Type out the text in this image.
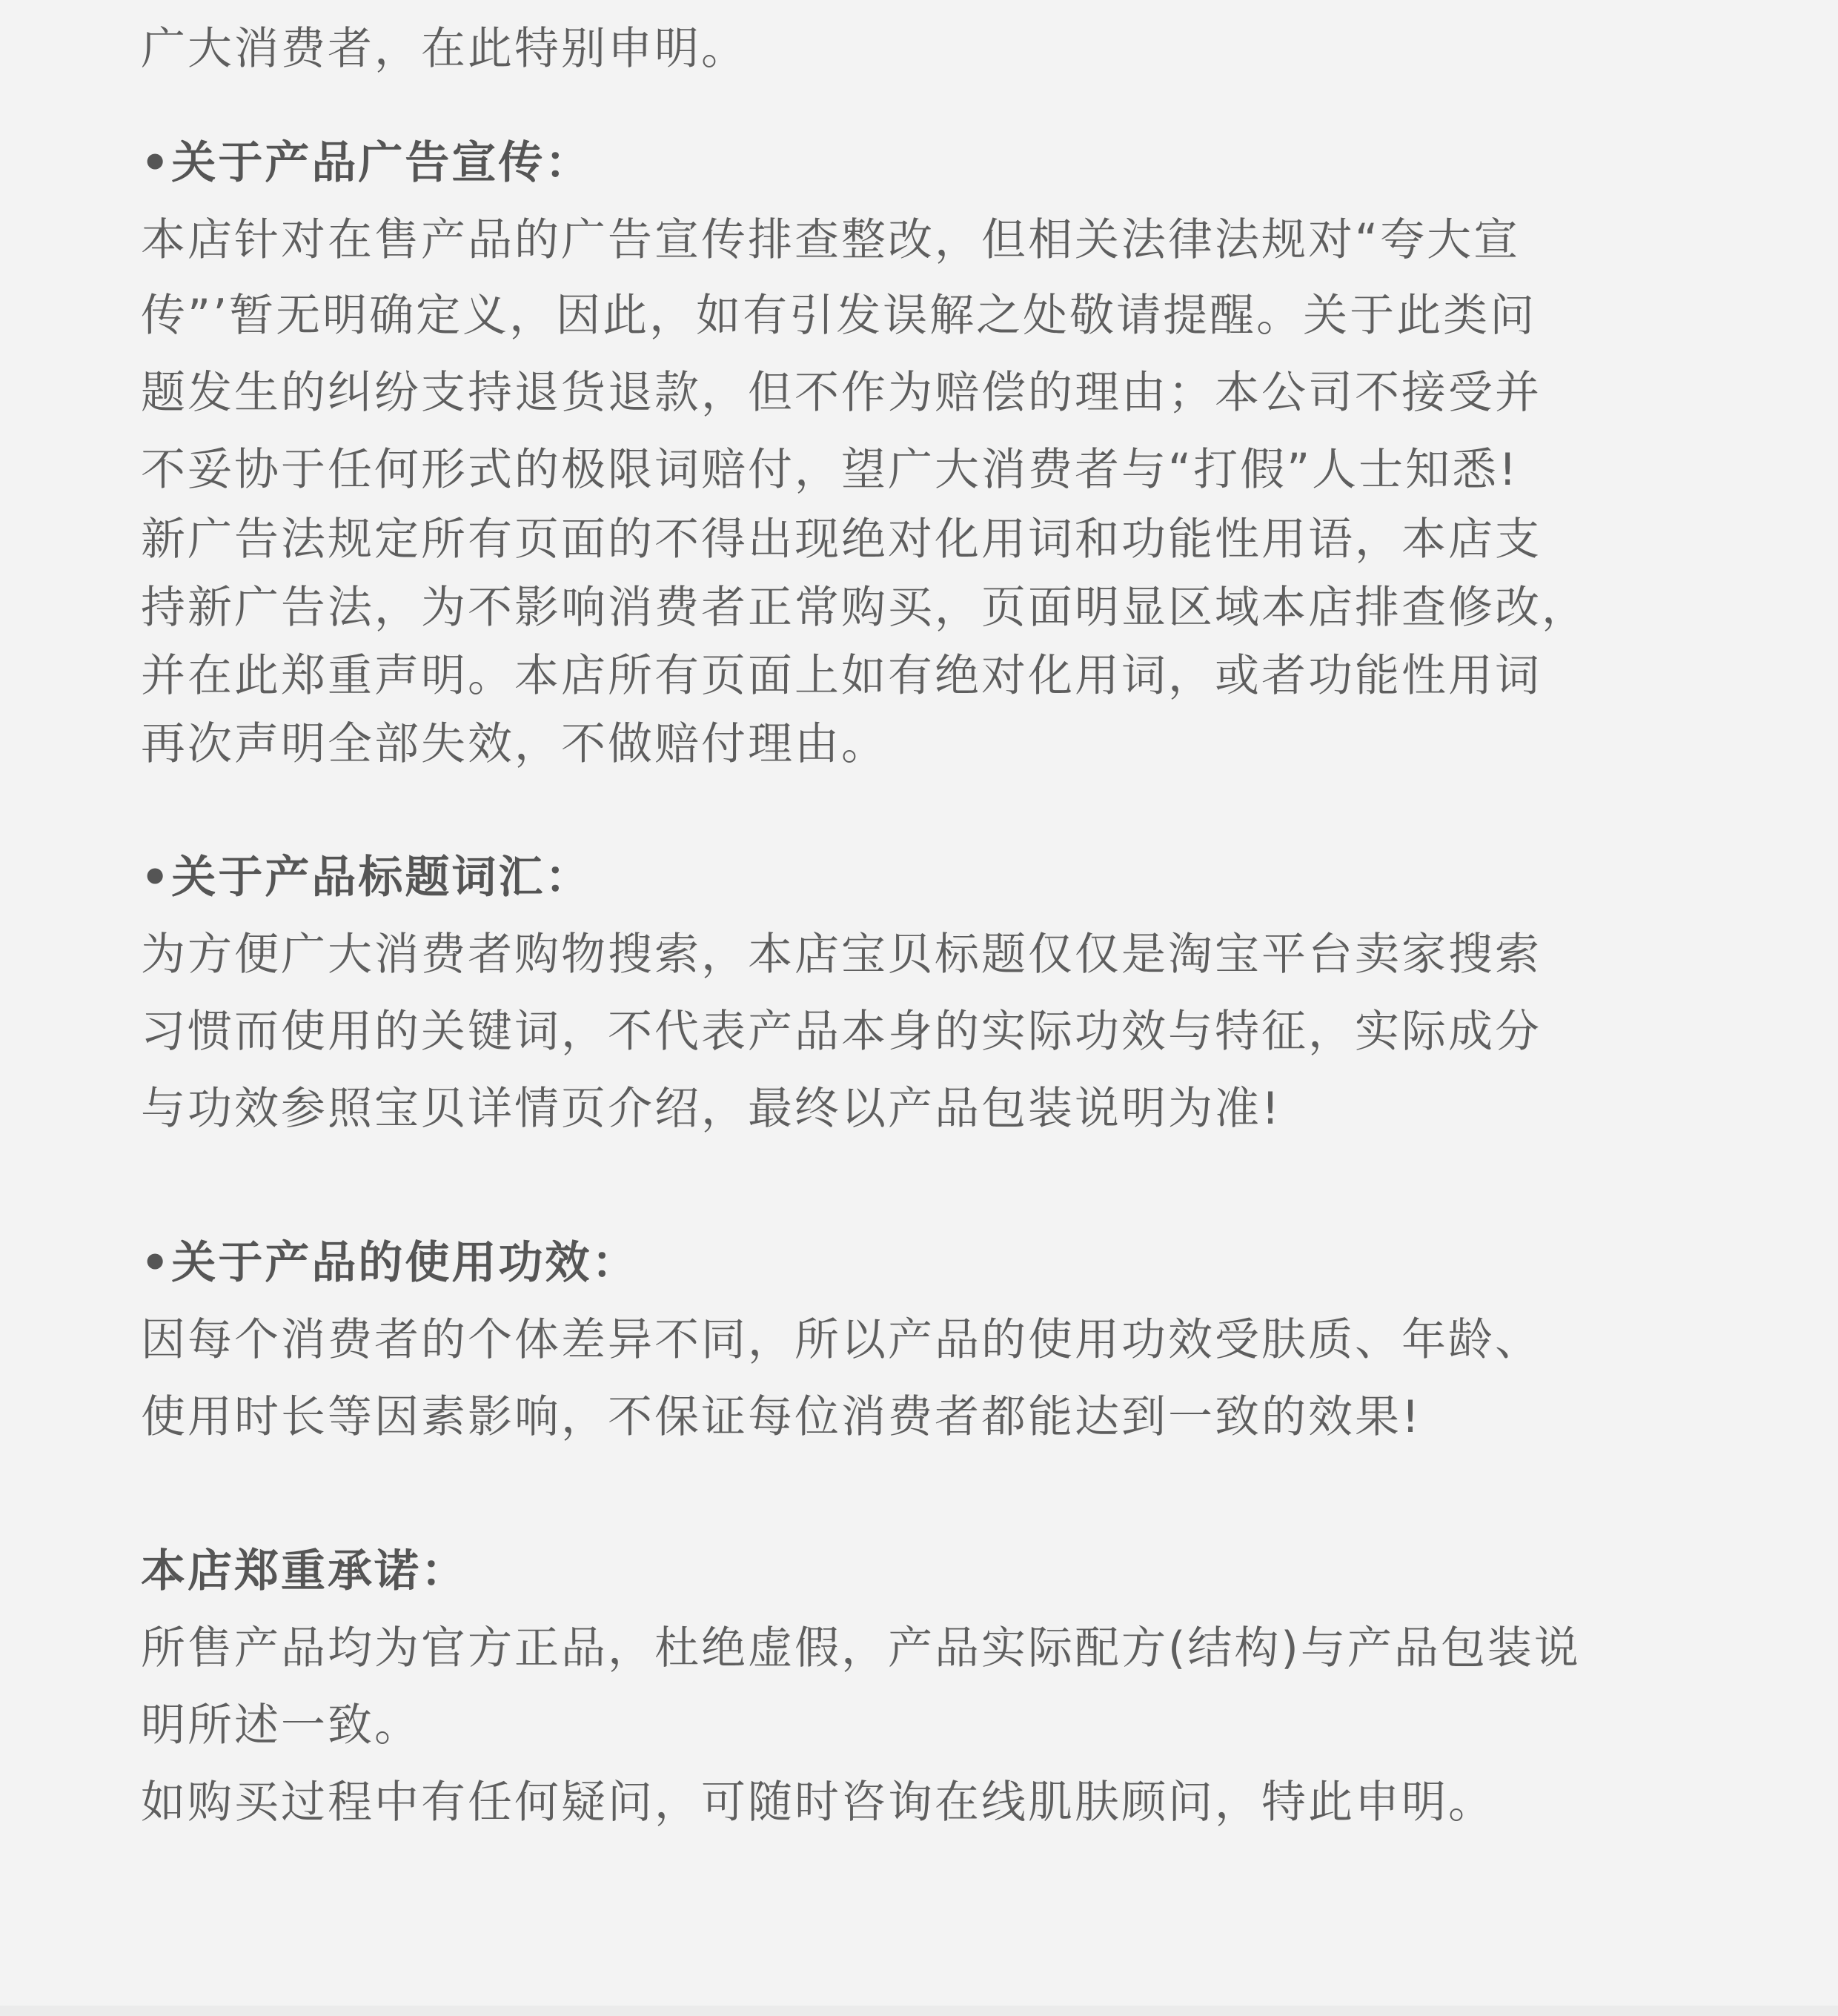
广大消费者，在此特别申明。
•关于产品广告宣传：
本店针对在售产品的广告宣传排查整改，但相关法律法规对“夸大宣
传”’暂无明确定义，因此，如有引发误解之处敬请提醒。关于此类问
题发生的纠纷支持退货退款，但不作为赔偿的理由；本公司不接受并
不妥协于任何形式的极限词赔付，望广大消费者与“打假”人士知悉!
新广告法规定所有页面的不得出现绝对化用词和功能性用语，本店支
持新广告法，为不影响消费者正常购买，页面明显区域本店排查修改，
并在此郑重声明。本店所有页面上如有绝对化用词，或者功能性用词
再次声明全部失效，不做赔付理由。
•关于产品标题词汇：
为方便广大消费者购物搜索，本店宝贝标题仅仅是淘宝平台卖家搜索
习惯而使用的关键词，不代表产品本身的实际功效与特征，实际成分
与功效参照宝贝详情页介绍，最终以产品包装说明为准!
•关于产品的使用功效：
因每个消费者的个体差异不同，所以产品的使用功效受肤质、年龄、
使用时长等因素影响，不保证每位消费者都能达到一致的效果!
本店郑重承诺：
所售产品均为官方正品，杜绝虚假，产品实际配方(结构)与产品包装说
明所述一致。
如购买过程中有任何疑问，可随时咨询在线肌肤顾问，特此申明。
